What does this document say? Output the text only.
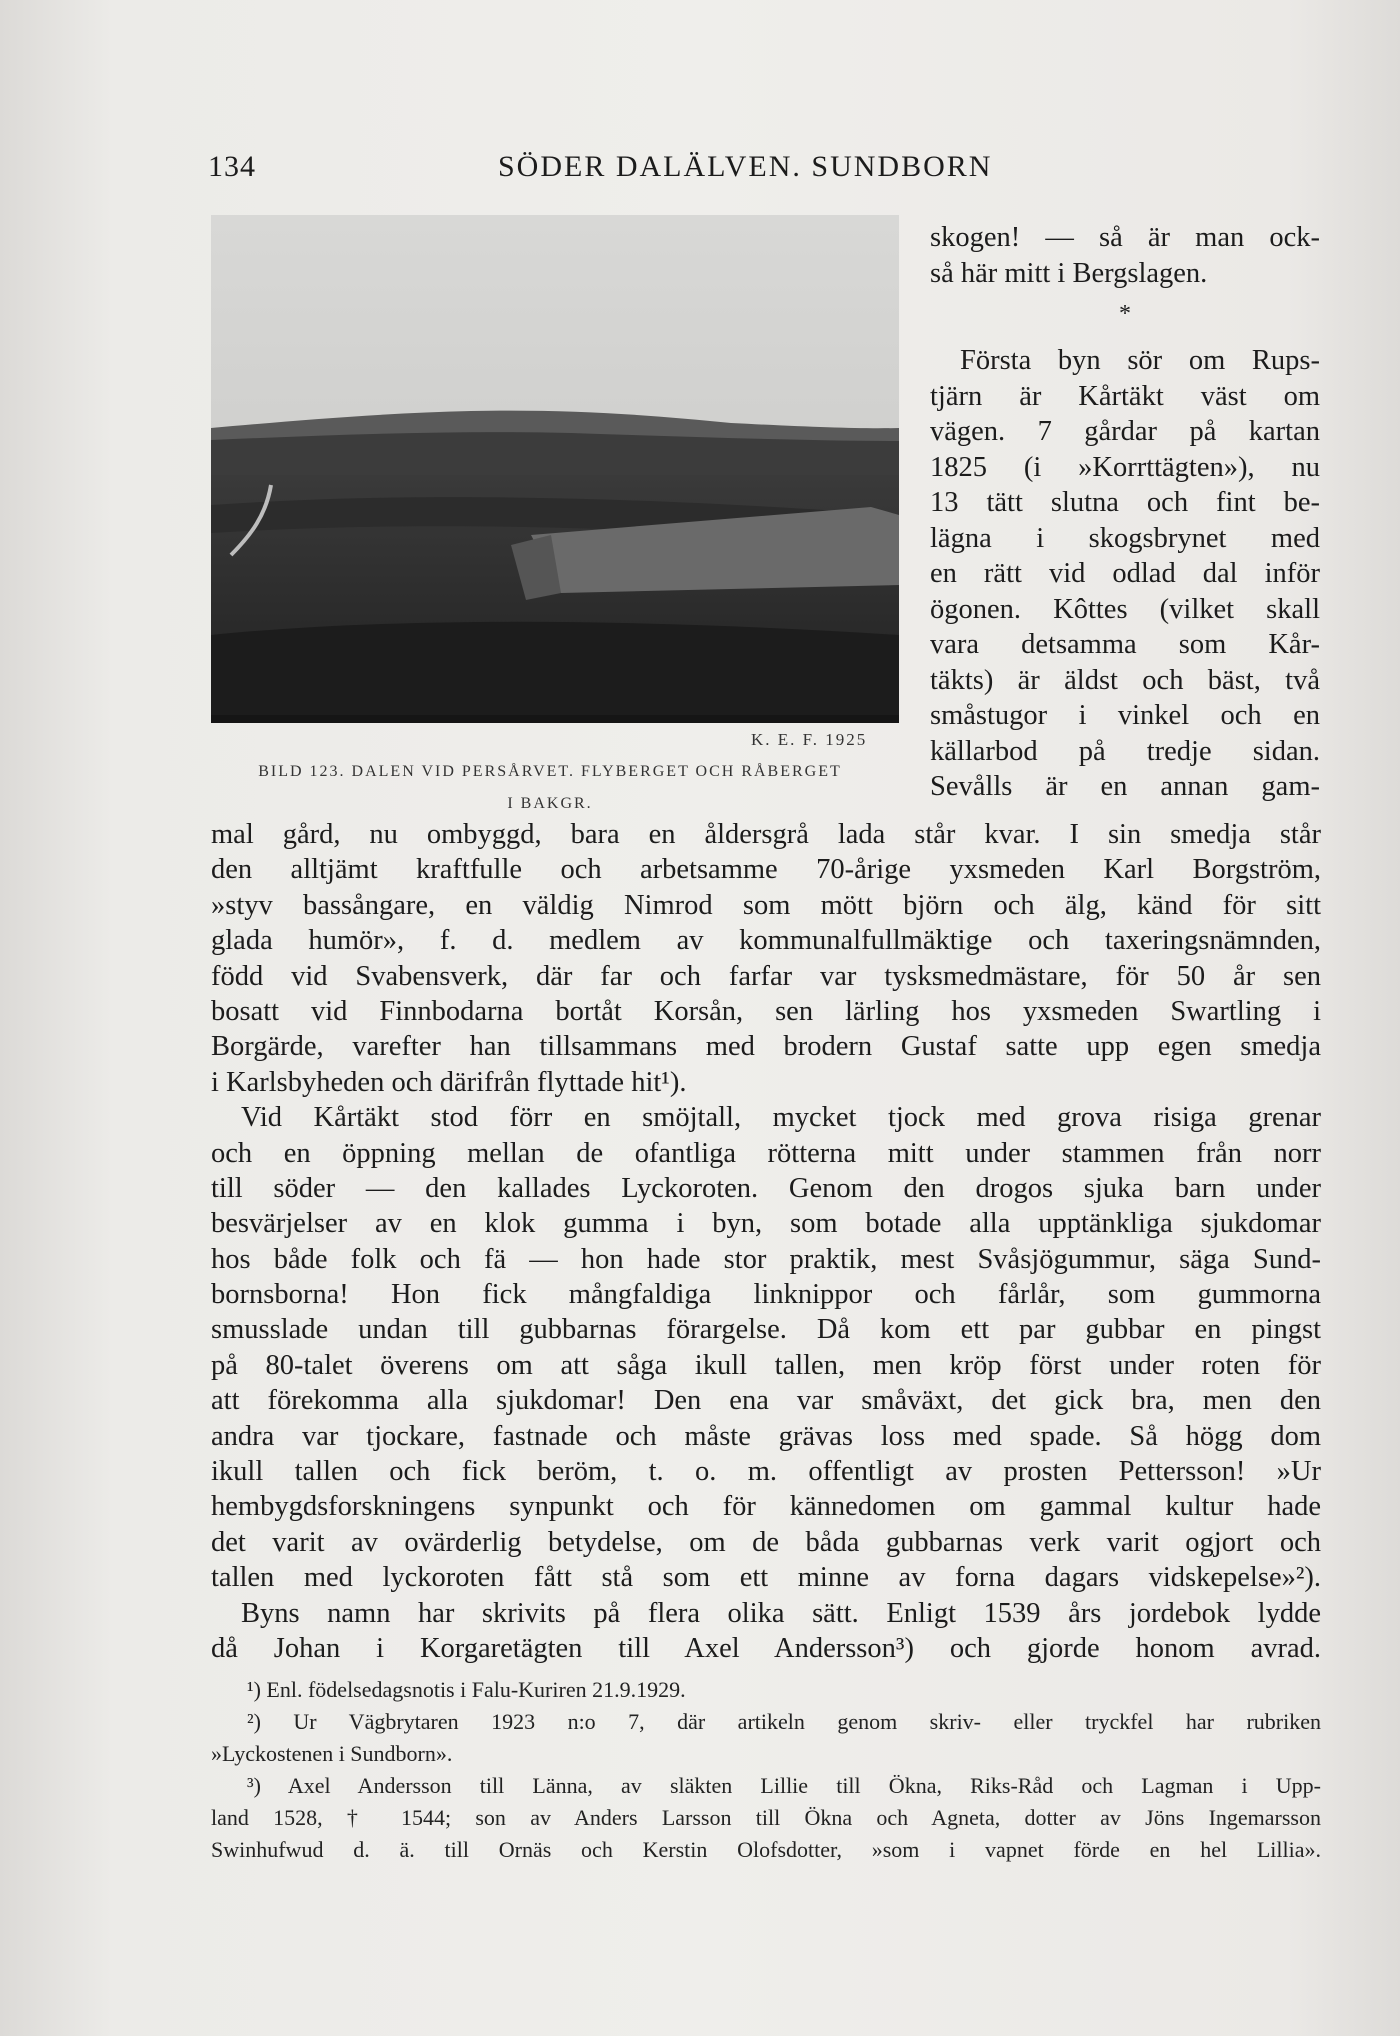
134	SÖDER DALÄLVEN. SUNDBORN
K. E. F. 1925
BILD 123. DALEN VID PERSÅRVET. FLYBERGET OCH RÅBERGET
I BAKGR.
skogen! — så är man ock-
så här mitt i Bergslagen.
*
Första byn sör om Rups-
tjärn är Kårtäkt väst om
vägen. 7 gårdar på kartan
1825 (i »Korrttägten»), nu
13 tätt slutna och fint be-
lägna i skogsbrynet med
en rätt vid odlad dal inför
ögonen. Kôttes (vilket skall
vara detsamma som Kår-
täkts) är äldst och bäst, två
småstugor i vinkel och en
källarbod på tredje sidan.
Sevålls är en annan gam-
mal gård, nu ombyggd, bara en åldersgrå lada står kvar. I sin smedja står
den alltjämt kraftfulle och arbetsamme 70-årige yxsmeden Karl Borgström,
»styv bassångare, en väldig Nimrod som mött björn och älg, känd för sitt
glada humör», f. d. medlem av kommunalfullmäktige och taxeringsnämnden,
född vid Svabensverk, där far och farfar var tysksmedmästare, för 50 år sen
bosatt vid Finnbodarna bortåt Korsån, sen lärling hos yxsmeden Swartling i
Borgärde, varefter han tillsammans med brodern Gustaf satte upp egen smedja
i Karlsbyheden och därifrån flyttade hit¹).
Vid Kårtäkt stod förr en smöjtall, mycket tjock med grova risiga grenar
och en öppning mellan de ofantliga rötterna mitt under stammen från norr
till söder — den kallades Lyckoroten. Genom den drogos sjuka barn under
besvärjelser av en klok gumma i byn, som botade alla upptänkliga sjukdomar
hos både folk och fä — hon hade stor praktik, mest Svåsjögummur, säga Sund-
bornsborna! Hon fick mångfaldiga linknippor och fårlår, som gummorna
smusslade undan till gubbarnas förargelse. Då kom ett par gubbar en pingst
på 80-talet överens om att såga ikull tallen, men kröp först under roten för
att förekomma alla sjukdomar! Den ena var småväxt, det gick bra, men den
andra var tjockare, fastnade och måste grävas loss med spade. Så högg dom
ikull tallen och fick beröm, t. o. m. offentligt av prosten Pettersson! »Ur
hembygdsforskningens synpunkt och för kännedomen om gammal kultur hade
det varit av ovärderlig betydelse, om de båda gubbarnas verk varit ogjort och
tallen med lyckoroten fått stå som ett minne av forna dagars vidskepelse»²).
Byns namn har skrivits på flera olika sätt. Enligt 1539 års jordebok lydde
då Johan i Korgaretägten till Axel Andersson³) och gjorde honom avrad.
¹) Enl. födelsedagsnotis i Falu-Kuriren 21.9.1929.
²) Ur Vägbrytaren 1923 n:o 7, där artikeln genom skriv- eller tryckfel har rubriken
»Lyckostenen i Sundborn».
³) Axel Andersson till Länna, av släkten Lillie till Ökna, Riks-Råd och Lagman i Upp-
land 1528, † 1544; son av Anders Larsson till Ökna och Agneta, dotter av Jöns Ingemarsson
Swinhufwud d. ä. till Ornäs och Kerstin Olofsdotter, »som i vapnet förde en hel Lillia».
